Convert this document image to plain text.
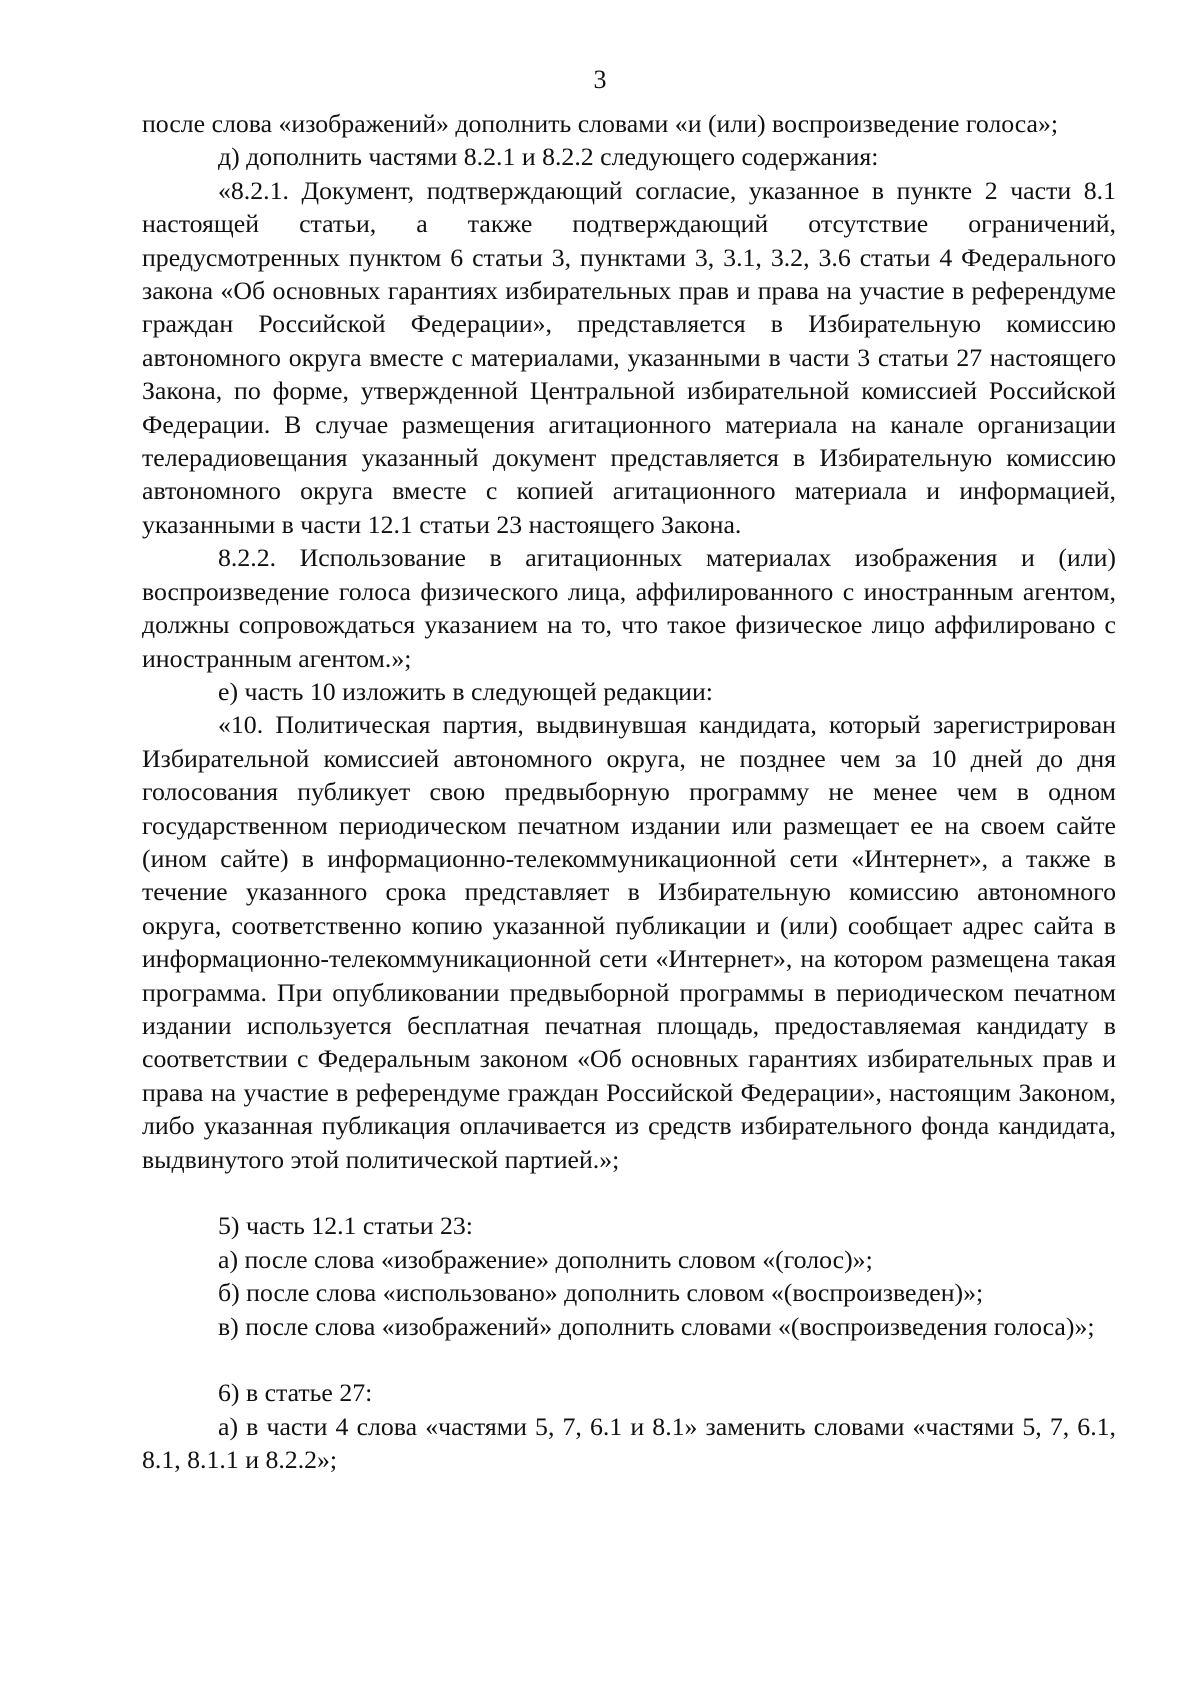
3

после слова «изображений» дополнить словами «и (или) воспроизведение голоса»;

д) дополнить частями 8.2.1 и 8.2.2 следующего содержания:

«8.2.1. Документ, подтверждающий согласие, указанное в пункте 2 части 8.1 настоящей статьи, а также подтверждающий отсутствие ограничений, предусмотренных пунктом 6 статьи 3, пунктами 3, 3.1, 3.2, 3.6 статьи 4 Федерального закона «Об основных гарантиях избирательных прав и права на участие в референдуме граждан Российской Федерации», представляется в Избирательную комиссию автономного округа вместе с материалами, указанными в части 3 статьи 27 настоящего Закона, по форме, утвержденной Центральной избирательной комиссией Российской Федерации. В случае размещения агитационного материала на канале организации телерадиовещания указанный документ представляется в Избирательную комиссию автономного округа вместе с копией агитационного материала и информацией, указанными в части 12.1 статьи 23 настоящего Закона.

8.2.2. Использование в агитационных материалах изображения и (или) воспроизведение голоса физического лица, аффилированного с иностранным агентом, должны сопровождаться указанием на то, что такое физическое лицо аффилировано с иностранным агентом.»;

е) часть 10 изложить в следующей редакции:

«10. Политическая партия, выдвинувшая кандидата, который зарегистрирован Избирательной комиссией автономного округа, не позднее чем за 10 дней до дня голосования публикует свою предвыборную программу не менее чем в одном государственном периодическом печатном издании или размещает ее на своем сайте (ином сайте) в информационно-телекоммуникационной сети «Интернет», а также в течение указанного срока представляет в Избирательную комиссию автономного округа, соответственно копию указанной публикации и (или) сообщает адрес сайта в информационно-телекоммуникационной сети «Интернет», на котором размещена такая программа. При опубликовании предвыборной программы в периодическом печатном издании используется бесплатная печатная площадь, предоставляемая кандидату в соответствии с Федеральным законом «Об основных гарантиях избирательных прав и права на участие в референдуме граждан Российской Федерации», настоящим Законом, либо указанная публикация оплачивается из средств избирательного фонда кандидата, выдвинутого этой политической партией.»;

5) часть 12.1 статьи 23:

а) после слова «изображение» дополнить словом «(голос)»;

б) после слова «использовано» дополнить словом «(воспроизведен)»;

в) после слова «изображений» дополнить словами «(воспроизведения голоса)»;

6) в статье 27:

а) в части 4 слова «частями 5, 7, 6.1 и 8.1» заменить словами «частями 5, 7, 6.1, 8.1, 8.1.1 и 8.2.2»;
